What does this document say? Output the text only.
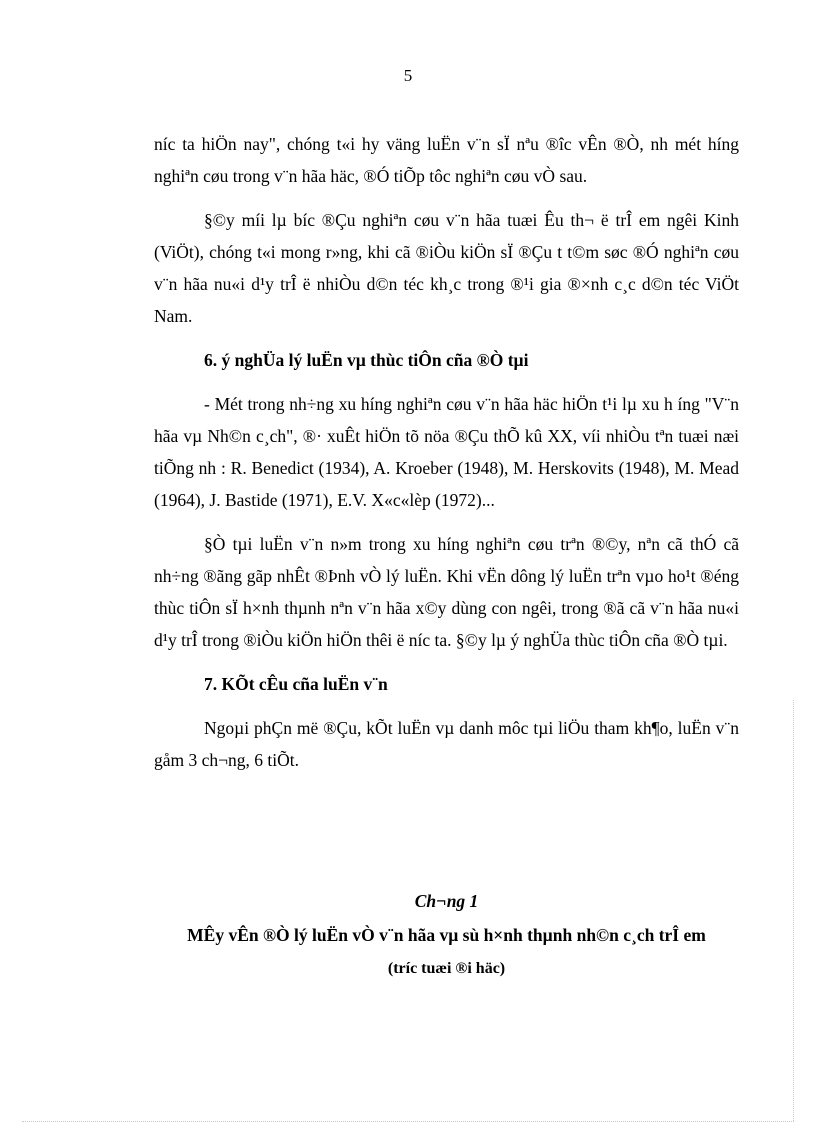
5

níc ta hiÖn nay", chóng t«i hy väng luËn v¨n sÏ nªu ®îc vÊn ®Ò, nh mét híng nghiªn cøu trong v¨n hãa häc, ®Ó tiÕp tôc nghiªn cøu vÒ sau.

§©y míi lµ bíc ®Çu nghiªn cøu v¨n hãa tuæi Êu th¬ ë trÎ em ngêi Kinh (ViÖt), chóng t«i mong r»ng, khi cã ®iÒu kiÖn sÏ ®Çu t t©m søc ®Ó nghiªn cøu v¨n hãa nu«i d¹y trÎ ë nhiÒu d©n téc kh¸c trong ®¹i gia ®×nh c¸c d©n téc ViÖt Nam.

6. ý nghÜa lý luËn vµ thùc tiÔn cña ®Ò tµi

- Mét trong nh÷ng xu híng nghiªn cøu v¨n hãa häc hiÖn t¹i lµ xu h íng "V¨n hãa vµ Nh©n c¸ch", ®· xuÊt hiÖn tõ nöa ®Çu thÕ kû XX, víi nhiÒu tªn tuæi næi tiÕng nh : R. Benedict (1934), A. Kroeber (1948), M. Herskovits (1948), M. Mead (1964), J. Bastide (1971), E.V. X«c«lèp (1972)...

§Ò tµi luËn v¨n n»m trong xu híng nghiªn cøu trªn ®©y, nªn cã thÓ cã nh÷ng ®ãng gãp nhÊt ®Þnh vÒ lý luËn. Khi vËn dông lý luËn trªn vµo ho¹t ®éng thùc tiÔn sÏ h×nh thµnh nªn v¨n hãa x©y dùng con ngêi, trong ®ã cã v¨n hãa nu«i d¹y trÎ trong ®iÒu kiÖn hiÖn thêi ë níc ta. §©y lµ ý nghÜa thùc tiÔn cña ®Ò tµi.

7. KÕt cÊu cña luËn v¨n

Ngoµi phÇn më ®Çu, kÕt luËn vµ danh môc tµi liÖu tham kh¶o, luËn v¨n gåm 3 ch¬ng, 6 tiÕt.

Ch¬ng 1

MÊy vÊn ®Ò lý luËn vÒ v¨n hãa vµ sù h×nh thµnh nh©n c¸ch trÎ em

(tríc tuæi ®i häc)
